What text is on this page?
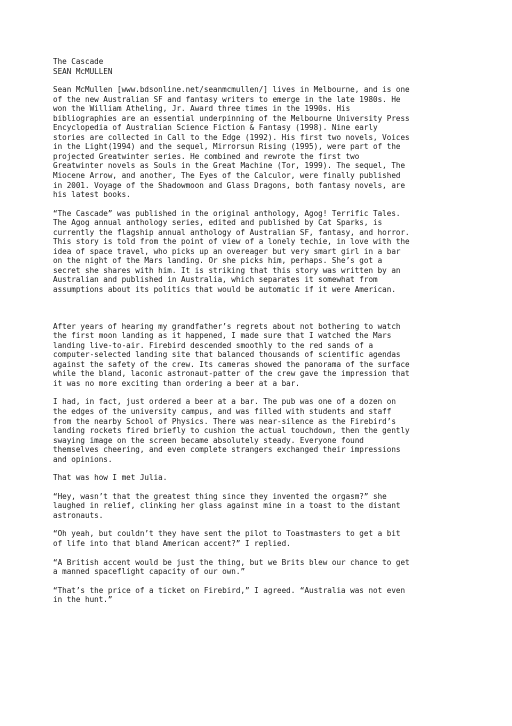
The Cascade
SEAN McMULLEN

Sean McMullen [www.bdsonline.net/seanmcmullen/] lives in Melbourne, and is one
of the new Australian SF and fantasy writers to emerge in the late 1980s. He
won the William Atheling, Jr. Award three times in the 1990s. His
bibliographies are an essential underpinning of the Melbourne University Press
Encyclopedia of Australian Science Fiction & Fantasy (1998). Nine early
stories are collected in Call to the Edge (1992). His first two novels, Voices
in the Light(1994) and the sequel, Mirrorsun Rising (1995), were part of the
projected Greatwinter series. He combined and rewrote the first two
Greatwinter novels as Souls in the Great Machine (Tor, 1999). The sequel, The
Miocene Arrow, and another, The Eyes of the Calculor, were finally published
in 2001. Voyage of the Shadowmoon and Glass Dragons, both fantasy novels, are
his latest books.

“The Cascade” was published in the original anthology, Agog! Terrific Tales.
The Agog annual anthology series, edited and published by Cat Sparks, is
currently the flagship annual anthology of Australian SF, fantasy, and horror.
This story is told from the point of view of a lonely techie, in love with the
idea of space travel, who picks up an overeager but very smart girl in a bar
on the night of the Mars landing. Or she picks him, perhaps. She’s got a
secret she shares with him. It is striking that this story was written by an
Australian and published in Australia, which separates it somewhat from
assumptions about its politics that would be automatic if it were American.

After years of hearing my grandfather’s regrets about not bothering to watch
the first moon landing as it happened, I made sure that I watched the Mars
landing live-to-air. Firebird descended smoothly to the red sands of a
computer-selected landing site that balanced thousands of scientific agendas
against the safety of the crew. Its cameras showed the panorama of the surface
while the bland, laconic astronaut-patter of the crew gave the impression that
it was no more exciting than ordering a beer at a bar.

I had, in fact, just ordered a beer at a bar. The pub was one of a dozen on
the edges of the university campus, and was filled with students and staff
from the nearby School of Physics. There was near-silence as the Firebird’s
landing rockets fired briefly to cushion the actual touchdown, then the gently
swaying image on the screen became absolutely steady. Everyone found
themselves cheering, and even complete strangers exchanged their impressions
and opinions.

That was how I met Julia.

“Hey, wasn’t that the greatest thing since they invented the orgasm?” she
laughed in relief, clinking her glass against mine in a toast to the distant
astronauts.

“Oh yeah, but couldn’t they have sent the pilot to Toastmasters to get a bit
of life into that bland American accent?” I replied.

“A British accent would be just the thing, but we Brits blew our chance to get
a manned spaceflight capacity of our own.”

“That’s the price of a ticket on Firebird,” I agreed. “Australia was not even
in the hunt.”
